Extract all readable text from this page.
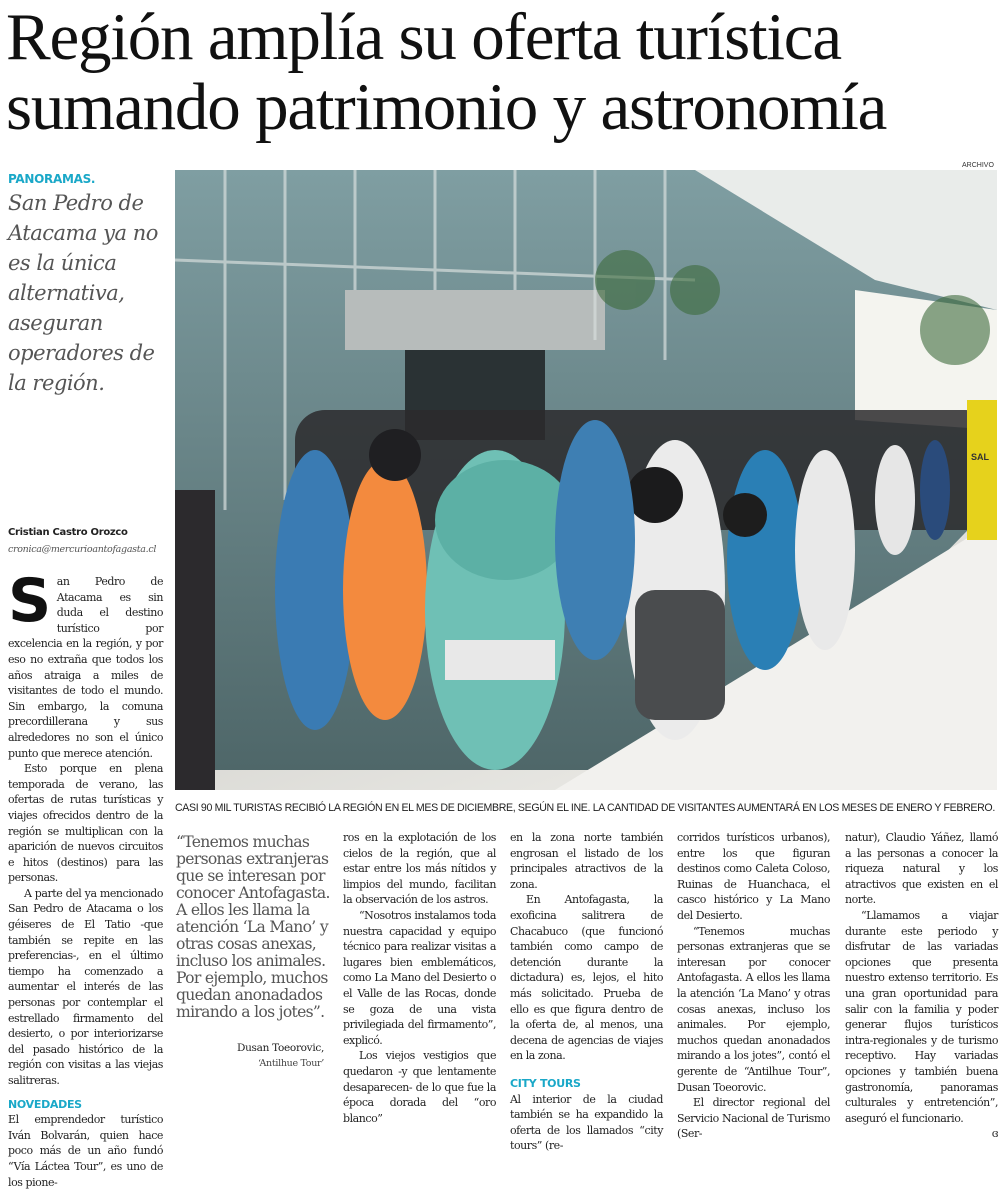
Región amplía su oferta turística
sumando patrimonio y astronomía
ARCHIVO
SAL
CASI 90 MIL TURISTAS RECIBIÓ LA REGIÓN EN EL MES DE DICIEMBRE, SEGÚN EL INE. LA CANTIDAD DE VISITANTES AUMENTARÁ EN LOS MESES DE ENERO Y FEBRERO.
PANORAMAS.
San Pedro de Atacama ya no es la única alternativa, aseguran operadores de la región.
Cristian Castro Orozco
cronica@mercurioantofagasta.cl
S an Pedro de Atacama es sin duda el destino turístico por excelencia en la región, y por eso no extraña que todos los años atraiga a miles de visitantes de todo el mundo. Sin embargo, la comuna precordillerana y sus alrededores no son el único punto que merece atención.

Esto porque en plena temporada de verano, las ofertas de rutas turísticas y viajes ofrecidos dentro de la región se multiplican con la aparición de nuevos circuitos e hitos (destinos) para las personas.

A parte del ya mencionado San Pedro de Atacama o los géiseres de El Tatio -que también se repite en las preferencias-, en el último tiempo ha comenzado a aumentar el interés de las personas por contemplar el estrellado firmamento del desierto, o por interiorizarse del pasado histórico de la región con visitas a las viejas salitreras.

NOVEDADES

El emprendedor turístico Iván Bolvarán, quien hace poco más de un año fundó “Vía Láctea Tour”, es uno de los pione-

“Tenemos muchas personas extranjeras que se interesan por conocer Antofagasta. A ellos les llama la atención ‘La Mano’ y otras cosas anexas, incluso los animales. Por ejemplo, muchos quedan anonadados mirando a los jotes”.
Dusan Toeorovic,
‘Antilhue Tour’

ros en la explotación de los cielos de la región, que al estar entre los más nítidos y limpios del mundo, facilitan la observación de los astros.

“Nosotros instalamos toda nuestra capacidad y equipo técnico para realizar visitas a lugares bien emblemáticos, como La Mano del Desierto o el Valle de las Rocas, donde se goza de una vista privilegiada del firmamento”, explicó.

Los viejos vestigios que quedaron -y que lentamente desaparecen- de lo que fue la época dorada del “oro blanco”

en la zona norte también engrosan el listado de los principales atractivos de la zona.

En Antofagasta, la exoficina salitrera de Chacabuco (que funcionó también como campo de detención durante la dictadura) es, lejos, el hito más solicitado. Prueba de ello es que figura dentro de la oferta de, al menos, una decena de agencias de viajes en la zona.

CITY TOURS

Al interior de la ciudad también se ha expandido la oferta de los llamados “city tours” (re-

corridos turísticos urbanos), entre los que figuran destinos como Caleta Coloso, Ruinas de Huanchaca, el casco histórico y La Mano del Desierto.

“Tenemos muchas personas extranjeras que se interesan por conocer Antofagasta. A ellos les llama la atención ‘La Mano’ y otras cosas anexas, incluso los animales. Por ejemplo, muchos quedan anonadados mirando a los jotes”, contó el gerente de “Antilhue Tour”, Dusan Toeorovic.

El director regional del Servicio Nacional de Turismo (Ser-

natur), Claudio Yáñez, llamó a las personas a conocer la riqueza natural y los atractivos que existen en el norte.

“Llamamos a viajar durante este periodo y disfrutar de las variadas opciones que presenta nuestro extenso territorio. Es una gran oportunidad para salir con la familia y poder generar flujos turísticos intra-regionales y de turismo receptivo. Hay variadas opciones y también buena gastronomía, panoramas culturales y entretención”, aseguró el funcionario.

ɞ
